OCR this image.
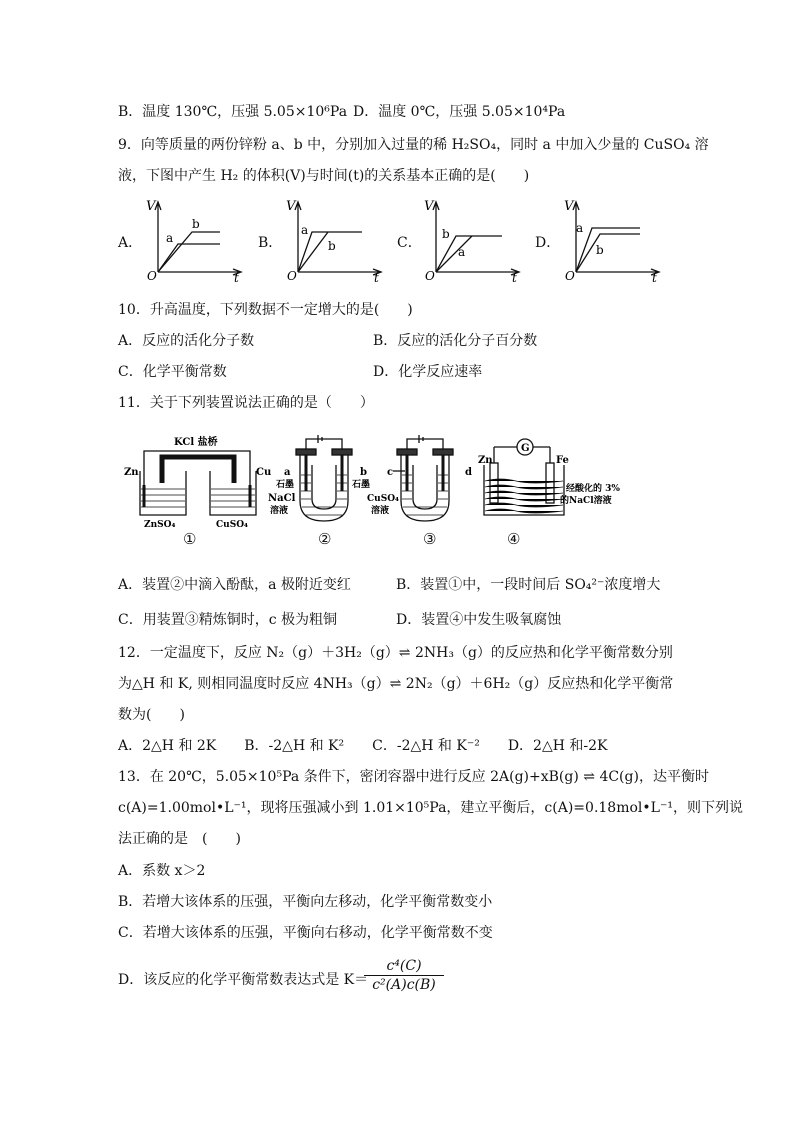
B．温度 130℃，压强 5.05×10⁶Pa D．温度 0℃，压强 5.05×10⁴Pa
9．向等质量的两份锌粉 a、b 中，分别加入过量的稀 H₂SO₄，同时 a 中加入少量的 CuSO₄ 溶
液，下图中产生 H₂ 的体积(V)与时间(t)的关系基本正确的是(　　)
A．
V
O	t
a
b
B．
V
O	t
a
b	C．
V
O	t
b
a
D．
V
O	t
a
b
10．升高温度，下列数据不一定增大的是(　　)
A．反应的活化分子数	B．反应的活化分子百分数
C．化学平衡常数	D．化学反应速率
11．关于下列装置说法正确的是（　　）
KCl 盐桥
Zn	Cu
ZnSO₄	CuSO₄
①
a	b
石墨	石墨
NaCl
溶液
②
c	d
CuSO₄
溶液
③
G
Zn	Fe
经酸化的 3%
的NaCl溶液
④
A．装置②中滴入酚酞，a 极附近变红	B．装置①中，一段时间后 SO₄²⁻浓度增大
C．用装置③精炼铜时，c 极为粗铜	D．装置④中发生吸氧腐蚀
12．一定温度下，反应 N₂（g）＋3H₂（g）⇌ 2NH₃（g）的反应热和化学平衡常数分别
为△H 和 K, 则相同温度时反应 4NH₃（g）⇌ 2N₂（g）＋6H₂（g）反应热和化学平衡常
数为(　　)
A．2△H 和 2K　　B．-2△H 和 K²　　C．-2△H 和 K⁻²　　D．2△H 和-2K
13．在 20℃，5.05×10⁵Pa 条件下，密闭容器中进行反应 2A(g)+xB(g) ⇌ 4C(g)，达平衡时
c(A)=1.00mol•L⁻¹，现将压强减小到 1.01×10⁵Pa，建立平衡后，c(A)=0.18mol•L⁻¹，则下列说
法正确的是　(　　)
A．系数 x＞2
B．若增大该体系的压强，平衡向左移动，化学平衡常数变小
C．若增大该体系的压强，平衡向右移动，化学平衡常数不变
D．该反应的化学平衡常数表达式是 K＝
c⁴(C)
c²(A)c(B)
